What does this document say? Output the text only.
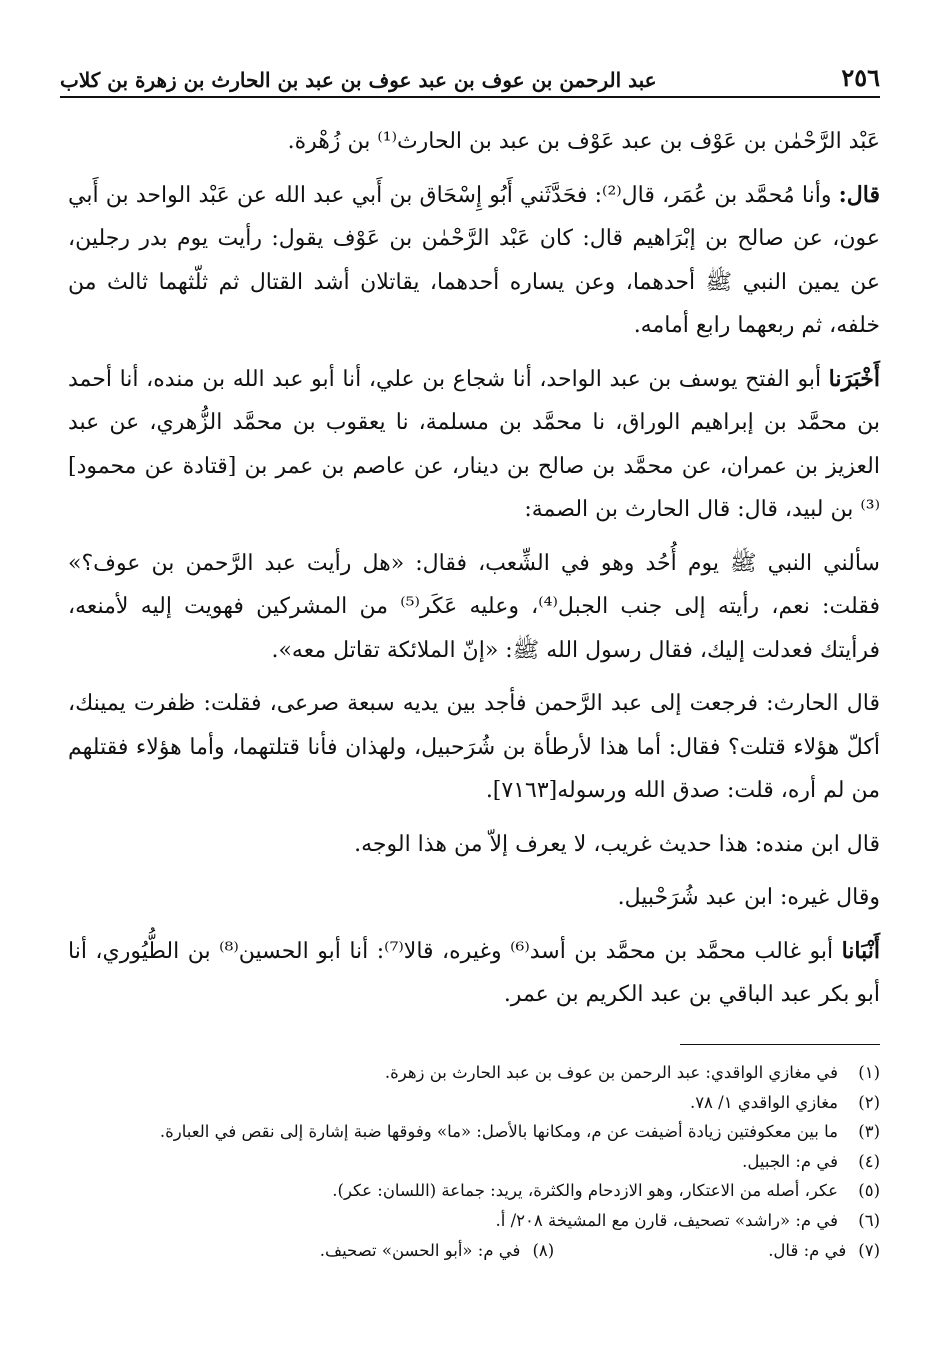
٢٥٦
عبد الرحمن بن عوف بن عبد عوف بن عبد بن الحارث بن زهرة بن كلاب

عَبْد الرَّحْمٰن بن عَوْف بن عبد عَوْف بن عبد بن الحارث⁽¹⁾ بن زُهْرة.

قال: وأنا مُحمَّد بن عُمَر، قال⁽²⁾: فحَدَّثَني أَبُو إِسْحَاق بن أَبي عبد الله عن عَبْد الواحد بن أَبي عون، عن صالح بن إبْرَاهيم قال: كان عَبْد الرَّحْمٰن بن عَوْف يقول: رأيت يوم بدر رجلين، عن يمين النبي ﷺ أحدهما، وعن يساره أحدهما، يقاتلان أشد القتال ثم ثلّثهما ثالث من خلفه، ثم ربعهما رابع أمامه.

أَخْبَرَنا أبو الفتح يوسف بن عبد الواحد، أنا شجاع بن علي، أنا أبو عبد الله بن منده، أنا أحمد بن محمَّد بن إبراهيم الوراق، نا محمَّد بن مسلمة، نا يعقوب بن محمَّد الزُّهري، عن عبد العزيز بن عمران، عن محمَّد بن صالح بن دينار، عن عاصم بن عمر بن [قتادة عن محمود]⁽³⁾ بن لبيد، قال: قال الحارث بن الصمة:

سألني النبي ﷺ يوم أُحُد وهو في الشِّعب، فقال: «هل رأيت عبد الرَّحمن بن عوف؟» فقلت: نعم، رأيته إلى جنب الجبل⁽⁴⁾، وعليه عَكَر⁽⁵⁾ من المشركين فهويت إليه لأمنعه، فرأيتك فعدلت إليك، فقال رسول الله ﷺ: «إنّ الملائكة تقاتل معه».

قال الحارث: فرجعت إلى عبد الرَّحمن فأجد بين يديه سبعة صرعى، فقلت: ظفرت يمينك، أكلّ هؤلاء قتلت؟ فقال: أما هذا لأرطأة بن شُرَحبيل، ولهذان فأنا قتلتهما، وأما هؤلاء فقتلهم من لم أره، قلت: صدق الله ورسوله[٧١٦٣].

قال ابن منده: هذا حديث غريب، لا يعرف إلاّ من هذا الوجه.

وقال غيره: ابن عبد شُرَحْبيل.

أَنْبَانا أبو غالب محمَّد بن محمَّد بن أسد⁽⁶⁾ وغيره، قالا⁽⁷⁾: أنا أبو الحسين⁽⁸⁾ بن الطُّيُوري، أنا أبو بكر عبد الباقي بن عبد الكريم بن عمر.

(١)
في مغازي الواقدي: عبد الرحمن بن عوف بن عبد الحارث بن زهرة.
(٢)
مغازي الواقدي ١/ ٧٨.
(٣)
ما بين معكوفتين زيادة أضيفت عن م، ومكانها بالأصل: «ما» وفوقها ضبة إشارة إلى نقص في العبارة.
(٤)
في م: الجبيل.
(٥)
عكر، أصله من الاعتكار، وهو الازدحام والكثرة، يريد: جماعة (اللسان: عكر).
(٦)
في م: «راشد» تصحيف، قارن مع المشيخة ٢٠٨/ أ.
(٧)
في م: قال.
(٨)
في م: «أبو الحسن» تصحيف.
